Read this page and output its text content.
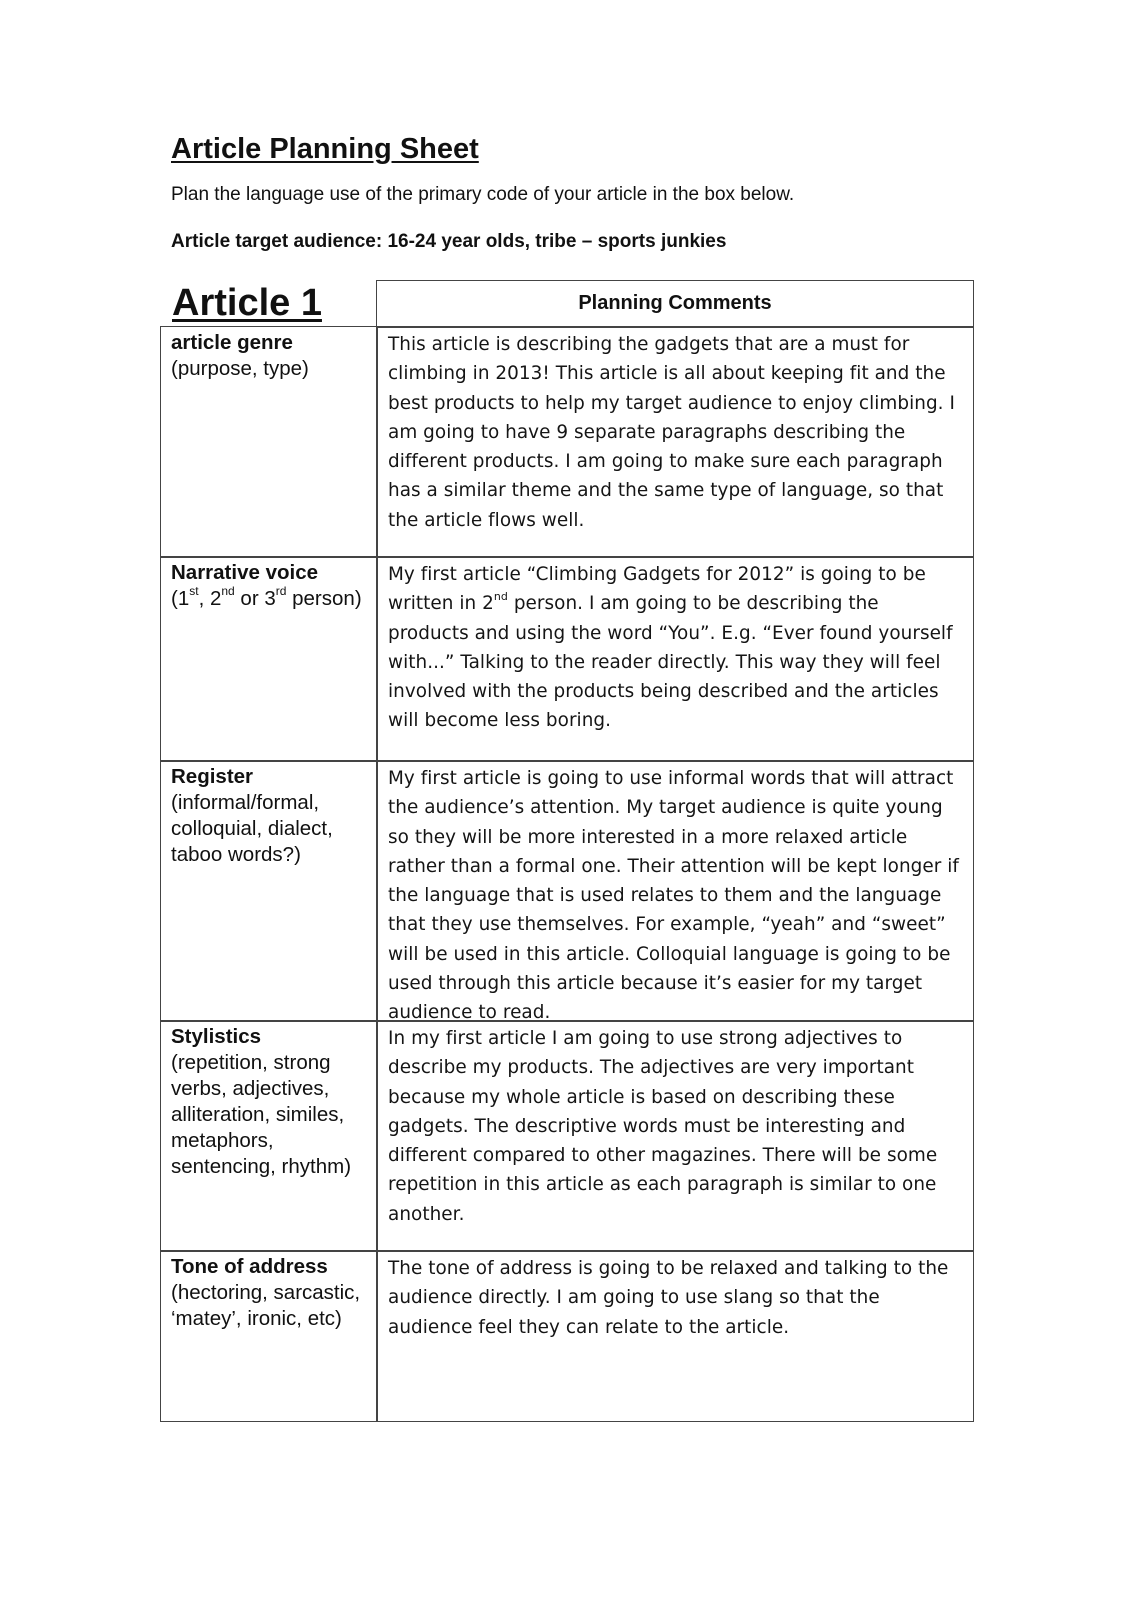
Article Planning Sheet

Plan the language use of the primary code of your article in the box below.

Article target audience: 16-24 year olds, tribe – sports junkies

Article 1	Planning Comments
article genre
(purpose, type)
This article is describing the gadgets that are a must for climbing in 2013! This article is all about keeping fit and the best products to help my target audience to enjoy climbing. I am going to have 9 separate paragraphs describing the different products. I am going to make sure each paragraph has a similar theme and the same type of language, so that the article flows well.
Narrative voice
(1st, 2nd or 3rd person)
My first article “Climbing Gadgets for 2012” is going to be written in 2nd person. I am going to be describing the products and using the word “You”. E.g. “Ever found yourself with...” Talking to the reader directly. This way they will feel involved with the products being described and the articles will become less boring.
Register
(informal/formal, colloquial, dialect, taboo words?)
My first article is going to use informal words that will attract the audience’s attention. My target audience is quite young so they will be more interested in a more relaxed article rather than a formal one. Their attention will be kept longer if the language that is used relates to them and the language that they use themselves. For example, “yeah” and “sweet” will be used in this article. Colloquial language is going to be used through this article because it’s easier for my target audience to read.
Stylistics
(repetition, strong verbs, adjectives, alliteration, similes, metaphors, sentencing, rhythm)
In my first article I am going to use strong adjectives to describe my products. The adjectives are very important because my whole article is based on describing these gadgets. The descriptive words must be interesting and different compared to other magazines. There will be some repetition in this article as each paragraph is similar to one another.
Tone of address
(hectoring, sarcastic, ‘matey’, ironic, etc)
The tone of address is going to be relaxed and talking to the audience directly. I am going to use slang so that the audience feel they can relate to the article.
